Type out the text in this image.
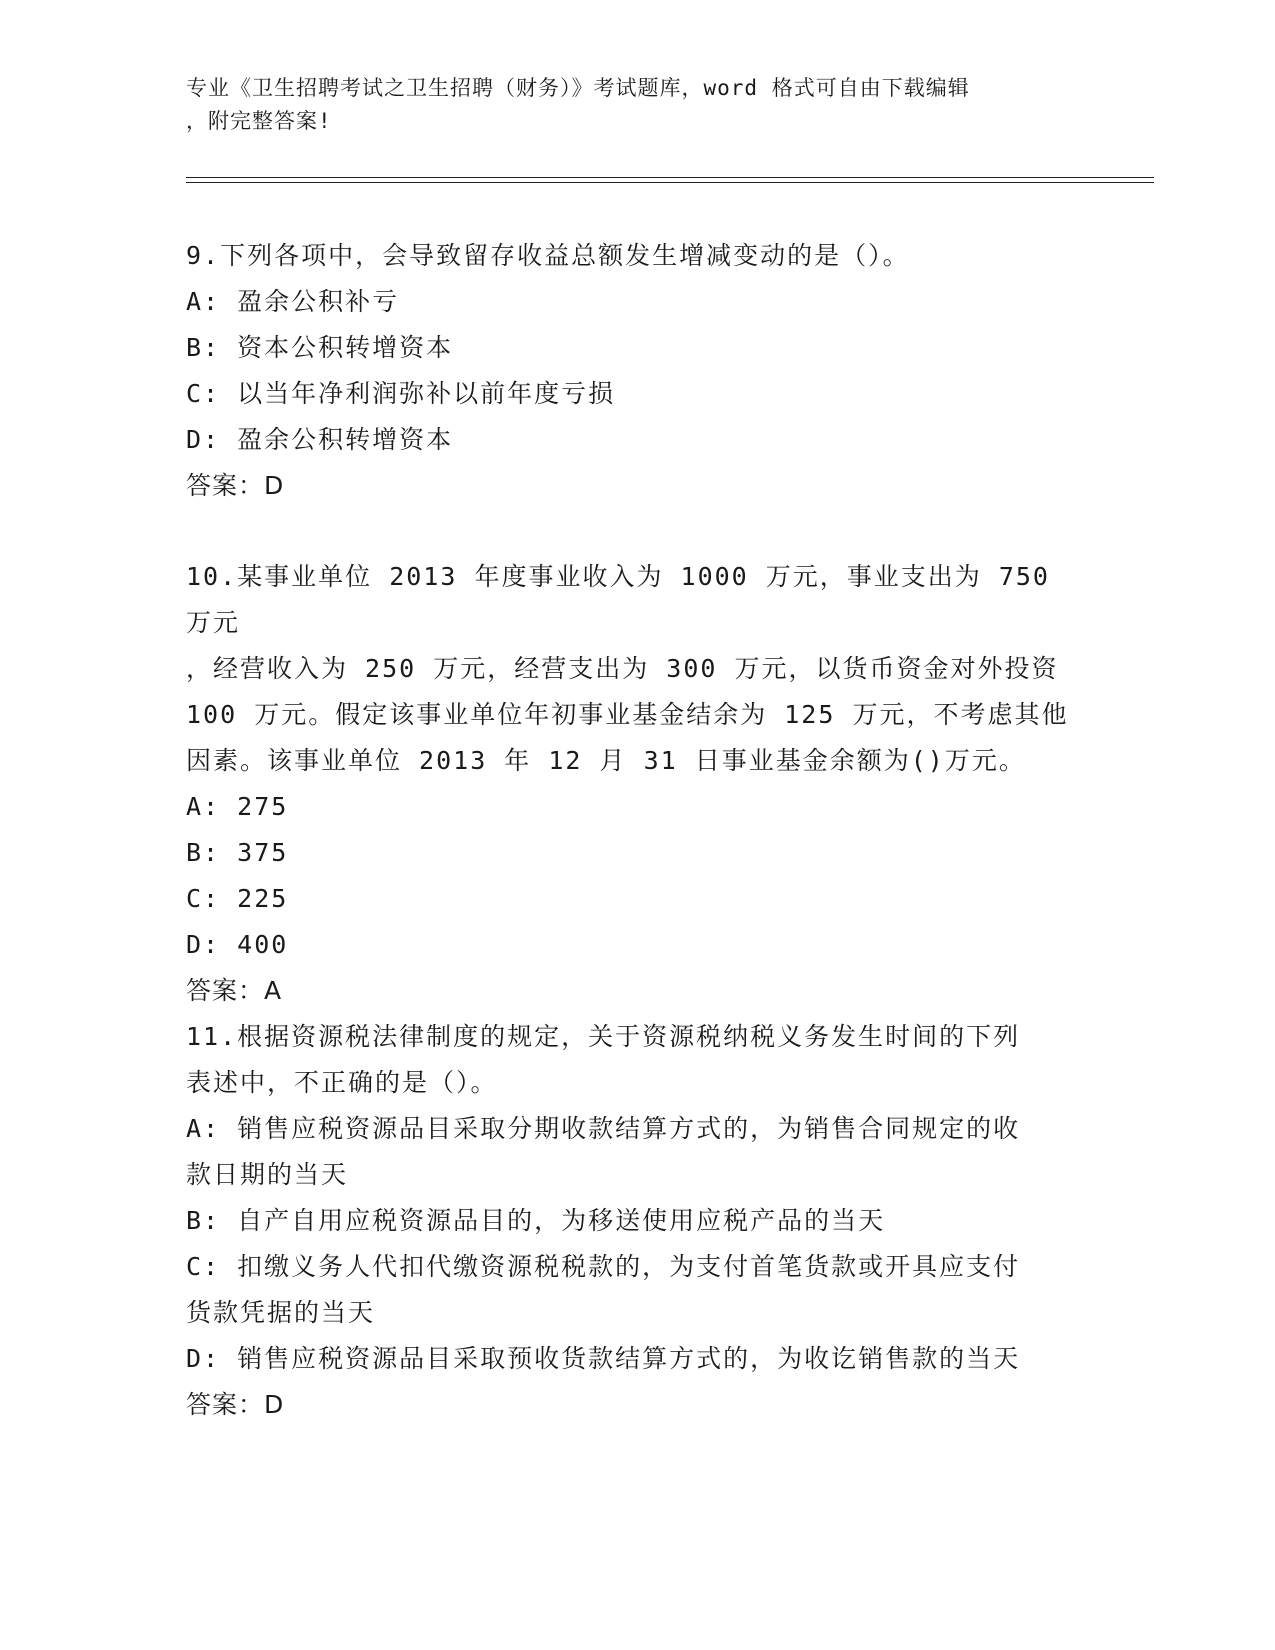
专业《卫生招聘考试之卫生招聘（财务）》考试题库，word 格式可自由下载编辑
，附完整答案!
9.下列各项中，会导致留存收益总额发生增减变动的是（）。
A: 盈余公积补亏
B: 资本公积转增资本
C: 以当年净利润弥补以前年度亏损
D: 盈余公积转增资本
答案：D
10.某事业单位 2013 年度事业收入为 1000 万元，事业支出为 750 万元
，经营收入为 250 万元，经营支出为 300 万元，以货币资金对外投资
100 万元。假定该事业单位年初事业基金结余为 125 万元，不考虑其他
因素。该事业单位 2013 年 12 月 31 日事业基金余额为()万元。
A: 275
B: 375
C: 225
D: 400
答案：A
11.根据资源税法律制度的规定，关于资源税纳税义务发生时间的下列
表述中，不正确的是（）。
A: 销售应税资源品目采取分期收款结算方式的，为销售合同规定的收
款日期的当天
B: 自产自用应税资源品目的，为移送使用应税产品的当天
C: 扣缴义务人代扣代缴资源税税款的，为支付首笔货款或开具应支付
货款凭据的当天
D: 销售应税资源品目采取预收货款结算方式的，为收讫销售款的当天
答案：D
